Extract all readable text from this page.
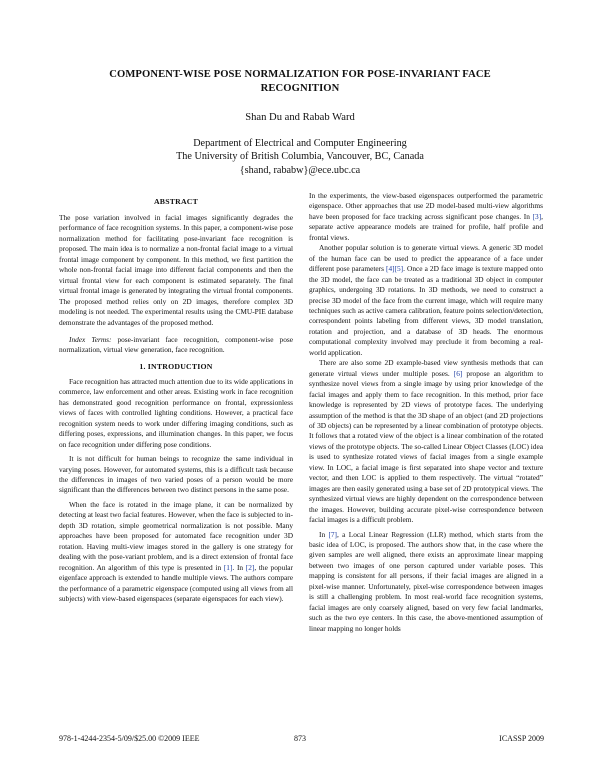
COMPONENT-WISE POSE NORMALIZATION FOR POSE-INVARIANT FACE
RECOGNITION
Shan Du and Rabab Ward
Department of Electrical and Computer Engineering
The University of British Columbia, Vancouver, BC, Canada
{shand, rababw}@ece.ubc.ca
ABSTRACT

The pose variation involved in facial images significantly degrades the performance of face recognition systems. In this paper, a component-wise pose normalization method for facilitating pose-invariant face recognition is proposed. The main idea is to normalize a non-frontal facial image to a virtual frontal image component by component. In this method, we first partition the whole non-frontal facial image into different facial components and then the virtual frontal view for each component is estimated separately. The final virtual frontal image is generated by integrating the virtual frontal components. The proposed method relies only on 2D images, therefore complex 3D modeling is not needed. The experimental results using the CMU-PIE database demonstrate the advantages of the proposed method.

Index Terms: pose-invariant face recognition, component-wise pose normalization, virtual view generation, face recognition.

1. INTRODUCTION

Face recognition has attracted much attention due to its wide applications in commerce, law enforcement and other areas. Existing work in face recognition has demonstrated good recognition performance on frontal, expressionless views of faces with controlled lighting conditions. However, a practical face recognition system needs to work under differing imaging conditions, such as differing poses, expressions, and illumination changes. In this paper, we focus on face recognition under differing pose conditions.

It is not difficult for human beings to recognize the same individual in varying poses. However, for automated systems, this is a difficult task because the differences in images of two varied poses of a person would be more significant than the differences between two distinct persons in the same pose.

When the face is rotated in the image plane, it can be normalized by detecting at least two facial features. However, when the face is subjected to in-depth 3D rotation, simple geometrical normalization is not possible. Many approaches have been proposed for automated face recognition under 3D rotation. Having multi-view images stored in the gallery is one strategy for dealing with the pose-variant problem, and is a direct extension of frontal face recognition. An algorithm of this type is presented in [1]. In [2], the popular eigenface approach is extended to handle multiple views. The authors compare the performance of a parametric eigenspace (computed using all views from all subjects) with view-based eigenspaces (separate eigenspaces for each view).

In the experiments, the view-based eigenspaces outperformed the parametric eigenspace. Other approaches that use 2D model-based multi-view algorithms have been proposed for face tracking across significant pose changes. In [3], separate active appearance models are trained for profile, half profile and frontal views.

Another popular solution is to generate virtual views. A generic 3D model of the human face can be used to predict the appearance of a face under different pose parameters [4][5]. Once a 2D face image is texture mapped onto the 3D model, the face can be treated as a traditional 3D object in computer graphics, undergoing 3D rotations. In 3D methods, we need to construct a precise 3D model of the face from the current image, which will require many techniques such as active camera calibration, feature points selection/detection, correspondent points labeling from different views, 3D model translation, rotation and projection, and a database of 3D heads. The enormous computational complexity involved may preclude it from becoming a real-world application.

There are also some 2D example-based view synthesis methods that can generate virtual views under multiple poses. [6] propose an algorithm to synthesize novel views from a single image by using prior knowledge of the facial images and apply them to face recognition. In this method, prior face knowledge is represented by 2D views of prototype faces. The underlying assumption of the method is that the 3D shape of an object (and 2D projections of 3D objects) can be represented by a linear combination of prototype objects. It follows that a rotated view of the object is a linear combination of the rotated views of the prototype objects. The so-called Linear Object Classes (LOC) idea is used to synthesize rotated views of facial images from a single example view. In LOC, a facial image is first separated into shape vector and texture vector, and then LOC is applied to them respectively. The virtual “rotated” images are then easily generated using a base set of 2D prototypical views. The synthesized virtual views are highly dependent on the correspondence between the images. However, building accurate pixel-wise correspondence between facial images is a difficult problem.

In [7], a Local Linear Regression (LLR) method, which starts from the basic idea of LOC, is proposed. The authors show that, in the case where the given samples are well aligned, there exists an approximate linear mapping between two images of one person captured under variable poses. This mapping is consistent for all persons, if their facial images are aligned in a pixel-wise manner. Unfortunately, pixel-wise correspondence between images is still a challenging problem. In most real-world face recognition systems, facial images are only coarsely aligned, based on very few facial landmarks, such as the two eye centers. In this case, the above-mentioned assumption of linear mapping no longer holds

978-1-4244-2354-5/09/$25.00 ©2009 IEEE	873	ICASSP 2009
